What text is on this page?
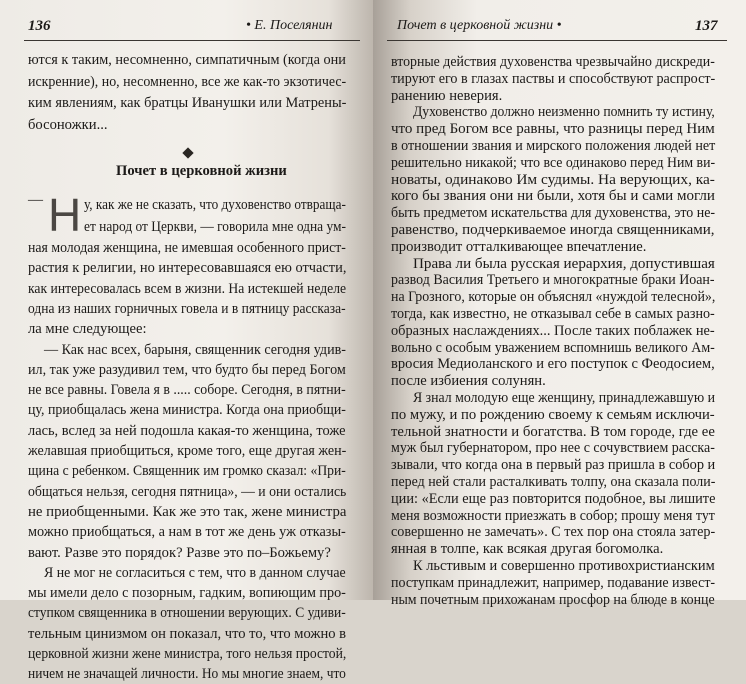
136	• Е. Поселянин
ются к таким, несомненно, симпатичным (когда они
искренние), но, несомненно, все же как-то экзотичес-
ким явлениям, как братцы Иванушки или Матрены-
босоножки...
Почет в церковной жизни
— Н у, как же не сказать, что духовенство отвраща-
ет народ от Церкви, — говорила мне одна ум-
ная молодая женщина, не имевшая особенного прист-
растия к религии, но интересовавшаяся ею отчасти,
как интересовалась всем в жизни. На истекшей неделе
одна из наших горничных говела и в пятницу рассказа-
ла мне следующее:
— Как нас всех, барыня, священник сегодня удив-
ил, так уже разудивил тем, что будто бы перед Богом
не все равны. Говела я в ..... соборе. Сегодня, в пятни-
цу, приобщалась жена министра. Когда она приобщи-
лась, вслед за ней подошла какая-то женщина, тоже
желавшая приобщиться, кроме того, еще другая жен-
щина с ребенком. Священник им громко сказал: «При-
общаться нельзя, сегодня пятница», — и они остались
не приобщенными. Как же это так, жене министра
можно приобщаться, а нам в тот же день уж отказы-
вают. Разве это порядок? Разве это по–Божьему?
Я не мог не согласиться с тем, что в данном случае
мы имели дело с позорным, гадким, вопиющим про-
ступком священника в отношении верующих. С удиви-
тельным цинизмом он показал, что то, что можно в
церковной жизни жене министра, того нельзя простой,
ничем не значащей личности. Но мы многие знаем, что
Почет в церковной жизни •	137
вторные действия духовенства чрезвычайно дискреди-
тируют его в глазах паствы и способствуют распрост-
ранению неверия.
Духовенство должно неизменно помнить ту истину,
что пред Богом все равны, что разницы перед Ним
в отношении звания и мирского положения людей нет
решительно никакой; что все одинаково перед Ним ви-
новаты, одинаково Им судимы. На верующих, ка-
кого бы звания они ни были, хотя бы и сами могли
быть предметом искательства для духовенства, это не-
равенство, подчеркиваемое иногда священниками,
производит отталкивающее впечатление.
Права ли была русская иерархия, допустившая
развод Василия Третьего и многократные браки Иоан-
на Грозного, которые он объяснял «нуждой телесной»,
тогда, как известно, не отказывал себе в самых разно-
образных наслаждениях... После таких поблажек не-
вольно с особым уважением вспомнишь великого Ам-
вросия Медиоланского и его поступок с Феодосием,
после избиения солунян.
Я знал молодую еще женщину, принадлежавшую и
по мужу, и по рождению своему к семьям исключи-
тельной знатности и богатства. В том городе, где ее
муж был губернатором, про нее с сочувствием расска-
зывали, что когда она в первый раз пришла в собор и
перед ней стали расталкивать толпу, она сказала поли-
ции: «Если еще раз повторится подобное, вы лишите
меня возможности приезжать в собор; прошу меня тут
совершенно не замечать». С тех пор она стояла затер-
янная в толпе, как всякая другая богомолка.
К льстивым и совершенно противохристианским
поступкам принадлежит, например, подавание извест-
ным почетным прихожанам просфор на блюде в конце
